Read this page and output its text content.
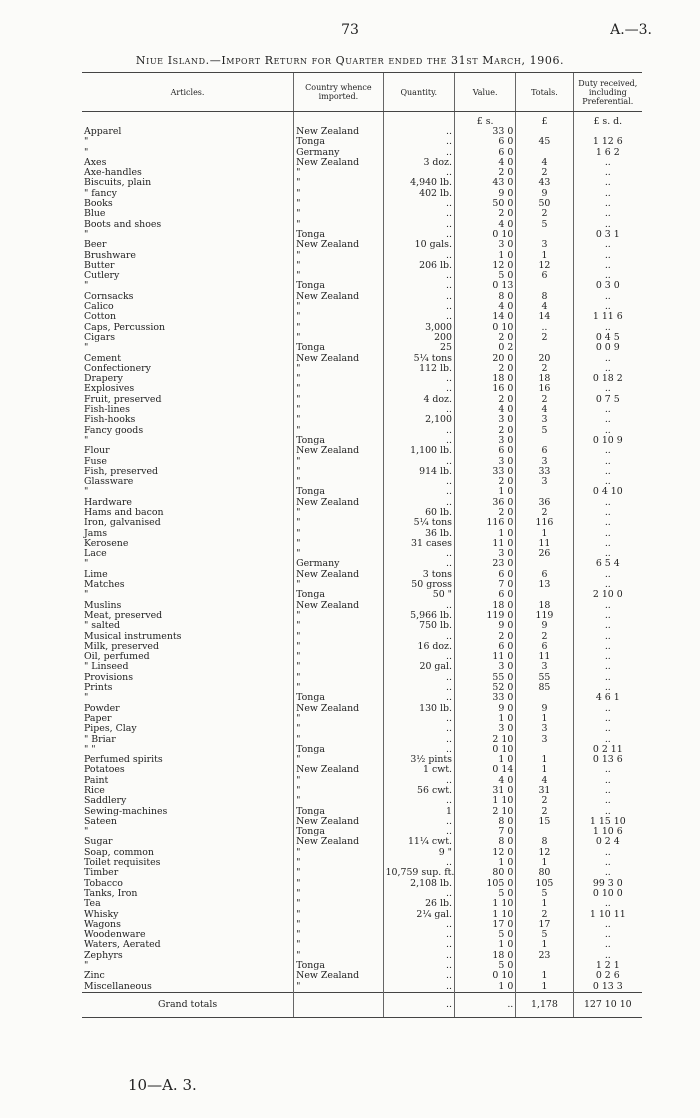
73	A.—3.
Niue Island.—Import Return for Quarter ended the 31st March, 1906.
Articles.	Country whence imported.	Quantity.	Value.	Totals.	Duty received, including Preferential.
			£ s.	£	£ s. d.
Apparel	New Zealand	..	33 0		
"	Tonga	..	6 0	45	1 12 6
"	Germany	..	6 0		1 6 2
Axes	New Zealand	3 doz.	4 0	4	..
Axe-handles	"	..	2 0	2	..
Biscuits, plain	"	4,940 lb.	43 0	43	..
" fancy	"	402 lb.	9 0	9	..
Books	"	..	50 0	50	..
Blue	"	..	2 0	2	..
Boots and shoes	"	..	4 0	5	..
"	Tonga	..	0 10		0 3 1
Beer	New Zealand	10 gals.	3 0	3	..
Brushware	"	..	1 0	1	..
Butter	"	206 lb.	12 0	12	..
Cutlery	"	..	5 0	6	..
"	Tonga	..	0 13		0 3 0
Cornsacks	New Zealand	..	8 0	8	..
Calico	"	..	4 0	4	..
Cotton	"	..	14 0	14	1 11 6
Caps, Percussion	"	3,000	0 10	..	..
Cigars	"	200	2 0	2	0 4 5
"	Tonga	25	0 2		0 0 9
Cement	New Zealand	5¼ tons	20 0	20	..
Confectionery	"	112 lb.	2 0	2	..
Drapery	"	..	18 0	18	0 18 2
Explosives	"	..	16 0	16	..
Fruit, preserved	"	4 doz.	2 0	2	0 7 5
Fish-lines	"	..	4 0	4	..
Fish-hooks	"	2,100	3 0	3	..
Fancy goods	"	..	2 0	5	..
"	Tonga	..	3 0		0 10 9
Flour	New Zealand	1,100 lb.	6 0	6	..
Fuse	"	..	3 0	3	..
Fish, preserved	"	914 lb.	33 0	33	..
Glassware	"	..	2 0	3	..
"	Tonga	..	1 0		0 4 10
Hardware	New Zealand	..	36 0	36	..
Hams and bacon	"	60 lb.	2 0	2	..
Iron, galvanised	"	5¼ tons	116 0	116	..
Jams	"	36 lb.	1 0	1	..
Kerosene	"	31 cases	11 0	11	..
Lace	"	..	3 0	26	..
"	Germany	..	23 0		6 5 4
Lime	New Zealand	3 tons	6 0	6	..
Matches	"	50 gross	7 0	13	..
"	Tonga	50 "	6 0		2 10 0
Muslins	New Zealand	..	18 0	18	..
Meat, preserved	"	5,966 lb.	119 0	119	..
" salted	"	750 lb.	9 0	9	..
Musical instruments	"	..	2 0	2	..
Milk, preserved	"	16 doz.	6 0	6	..
Oil, perfumed	"	..	11 0	11	..
" Linseed	"	20 gal.	3 0	3	..
Provisions	"	..	55 0	55	..
Prints	"	..	52 0	85	..
"	Tonga	..	33 0		4 6 1
Powder	New Zealand	130 lb.	9 0	9	..
Paper	"	..	1 0	1	..
Pipes, Clay	"	..	3 0	3	..
" Briar	"	..	2 10	3	..
" "	Tonga	..	0 10		0 2 11
Perfumed spirits	"	3½ pints	1 0	1	0 13 6
Potatoes	New Zealand	1 cwt.	0 14	1	..
Paint	"	..	4 0	4	..
Rice	"	56 cwt.	31 0	31	..
Saddlery	"	..	1 10	2	..
Sewing-machines	Tonga	1	2 10	2	..
Sateen	New Zealand	..	8 0	15	1 15 10
"	Tonga	..	7 0		1 10 6
Sugar	New Zealand	11¼ cwt.	8 0	8	0 2 4
Soap, common	"	9 "	12 0	12	..
Toilet requisites	"	..	1 0	1	..
Timber	"	10,759 sup. ft.	80 0	80	..
Tobacco	"	2,108 lb.	105 0	105	99 3 0
Tanks, Iron	"	..	5 0	5	0 10 0
Tea	"	26 lb.	1 10	1	..
Whisky	"	2¼ gal.	1 10	2	1 10 11
Wagons	"	..	17 0	17	..
Woodenware	"	..	5 0	5	..
Waters, Aerated	"	..	1 0	1	..
Zephyrs	"	..	18 0	23	..
"	Tonga	..	5 0		1 2 1
Zinc	New Zealand	..	0 10	1	0 2 6
Miscellaneous	"	..	1 0	1	0 13 3
Grand totals		..	..	1,178	127 10 10
10—A. 3.
